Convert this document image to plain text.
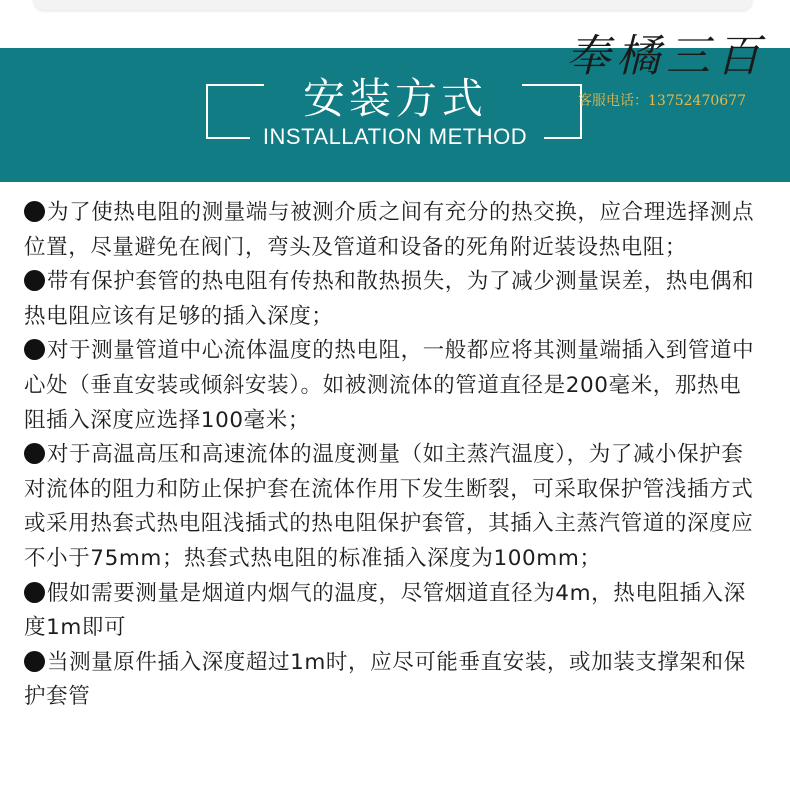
安装方式
INSTALLATION METHOD
奉橘三百
客服电话：13752470677

为了使热电阻的测量端与被测介质之间有充分的热交换，应合理选择测点位置，尽量避免在阀门，弯头及管道和设备的死角附近装设热电阻；

带有保护套管的热电阻有传热和散热损失，为了减少测量误差，热电偶和热电阻应该有足够的插入深度；

对于测量管道中心流体温度的热电阻，一般都应将其测量端插入到管道中心处（垂直安装或倾斜安装）。如被测流体的管道直径是200毫米，那热电阻插入深度应选择100毫米；

对于高温高压和高速流体的温度测量（如主蒸汽温度），为了减小保护套对流体的阻力和防止保护套在流体作用下发生断裂，可采取保护管浅插方式或采用热套式热电阻浅插式的热电阻保护套管，其插入主蒸汽管道的深度应不小于75mm；热套式热电阻的标准插入深度为100mm；

假如需要测量是烟道内烟气的温度，尽管烟道直径为4m，热电阻插入深度1m即可

当测量原件插入深度超过1m时，应尽可能垂直安装，或加装支撑架和保护套管
